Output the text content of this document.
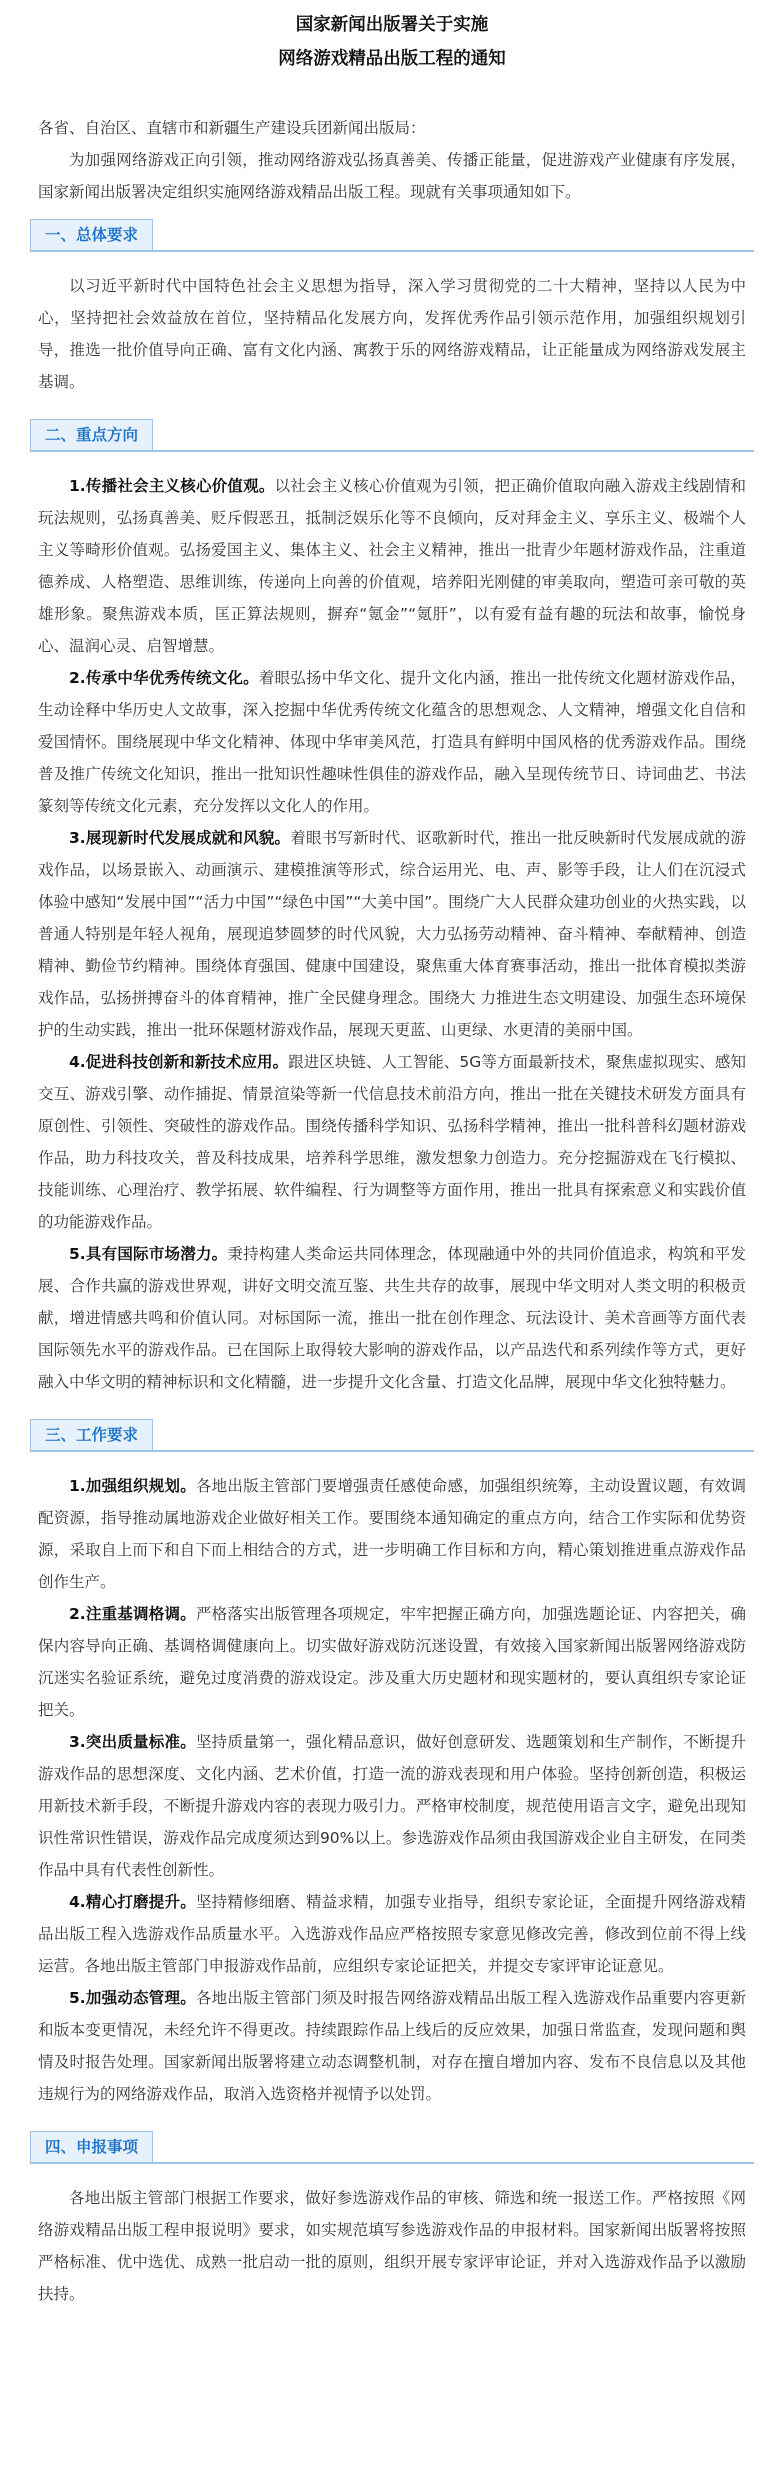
国家新闻出版署关于实施
网络游戏精品出版工程的通知

各省、自治区、直辖市和新疆生产建设兵团新闻出版局：

为加强网络游戏正向引领，推动网络游戏弘扬真善美、传播正能量，促进游戏产业健康有序发展，国家新闻出版署决定组织实施网络游戏精品出版工程。现就有关事项通知如下。

一、总体要求

以习近平新时代中国特色社会主义思想为指导，深入学习贯彻党的二十大精神，坚持以人民为中心，坚持把社会效益放在首位，坚持精品化发展方向，发挥优秀作品引领示范作用，加强组织规划引导，推选一批价值导向正确、富有文化内涵、寓教于乐的网络游戏精品，让正能量成为网络游戏发展主基调。

二、重点方向

1.传播社会主义核心价值观。以社会主义核心价值观为引领，把正确价值取向融入游戏主线剧情和玩法规则，弘扬真善美、贬斥假恶丑，抵制泛娱乐化等不良倾向，反对拜金主义、享乐主义、极端个人主义等畸形价值观。弘扬爱国主义、集体主义、社会主义精神，推出一批青少年题材游戏作品，注重道德养成、人格塑造、思维训练，传递向上向善的价值观，培养阳光刚健的审美取向，塑造可亲可敬的英雄形象。聚焦游戏本质，匡正算法规则，摒弃“氪金”“氪肝”，以有爱有益有趣的玩法和故事，愉悦身心、温润心灵、启智增慧。

2.传承中华优秀传统文化。着眼弘扬中华文化、提升文化内涵，推出一批传统文化题材游戏作品，生动诠释中华历史人文故事，深入挖掘中华优秀传统文化蕴含的思想观念、人文精神，增强文化自信和爱国情怀。围绕展现中华文化精神、体现中华审美风范，打造具有鲜明中国风格的优秀游戏作品。围绕普及推广传统文化知识，推出一批知识性趣味性俱佳的游戏作品，融入呈现传统节日、诗词曲艺、书法篆刻等传统文化元素，充分发挥以文化人的作用。

3.展现新时代发展成就和风貌。着眼书写新时代、讴歌新时代，推出一批反映新时代发展成就的游戏作品，以场景嵌入、动画演示、建模推演等形式，综合运用光、电、声、影等手段，让人们在沉浸式体验中感知“发展中国”“活力中国”“绿色中国”“大美中国”。围绕广大人民群众建功创业的火热实践，以普通人特别是年轻人视角，展现追梦圆梦的时代风貌，大力弘扬劳动精神、奋斗精神、奉献精神、创造精神、勤俭节约精神。围绕体育强国、健康中国建设，聚焦重大体育赛事活动，推出一批体育模拟类游戏作品，弘扬拼搏奋斗的体育精神，推广全民健身理念。围绕大 力推进生态文明建设、加强生态环境保护的生动实践，推出一批环保题材游戏作品，展现天更蓝、山更绿、水更清的美丽中国。

4.促进科技创新和新技术应用。跟进区块链、人工智能、5G等方面最新技术，聚焦虚拟现实、感知交互、游戏引擎、动作捕捉、情景渲染等新一代信息技术前沿方向，推出一批在关键技术研发方面具有原创性、引领性、突破性的游戏作品。围绕传播科学知识、弘扬科学精神，推出一批科普科幻题材游戏作品，助力科技攻关，普及科技成果，培养科学思维，激发想象力创造力。充分挖掘游戏在飞行模拟、技能训练、心理治疗、教学拓展、软件编程、行为调整等方面作用，推出一批具有探索意义和实践价值的功能游戏作品。

5.具有国际市场潜力。秉持构建人类命运共同体理念，体现融通中外的共同价值追求，构筑和平发展、合作共赢的游戏世界观，讲好文明交流互鉴、共生共存的故事，展现中华文明对人类文明的积极贡献，增进情感共鸣和价值认同。对标国际一流，推出一批在创作理念、玩法设计、美术音画等方面代表国际领先水平的游戏作品。已在国际上取得较大影响的游戏作品，以产品迭代和系列续作等方式，更好融入中华文明的精神标识和文化精髓，进一步提升文化含量、打造文化品牌，展现中华文化独特魅力。

三、工作要求

1.加强组织规划。各地出版主管部门要增强责任感使命感，加强组织统筹，主动设置议题，有效调配资源，指导推动属地游戏企业做好相关工作。要围绕本通知确定的重点方向，结合工作实际和优势资源，采取自上而下和自下而上相结合的方式，进一步明确工作目标和方向，精心策划推进重点游戏作品创作生产。

2.注重基调格调。严格落实出版管理各项规定，牢牢把握正确方向，加强选题论证、内容把关，确保内容导向正确、基调格调健康向上。切实做好游戏防沉迷设置，有效接入国家新闻出版署网络游戏防沉迷实名验证系统，避免过度消费的游戏设定。涉及重大历史题材和现实题材的，要认真组织专家论证把关。

3.突出质量标准。坚持质量第一，强化精品意识，做好创意研发、选题策划和生产制作，不断提升游戏作品的思想深度、文化内涵、艺术价值，打造一流的游戏表现和用户体验。坚持创新创造，积极运用新技术新手段，不断提升游戏内容的表现力吸引力。严格审校制度，规范使用语言文字，避免出现知识性常识性错误，游戏作品完成度须达到90%以上。参选游戏作品须由我国游戏企业自主研发，在同类作品中具有代表性创新性。

4.精心打磨提升。坚持精修细磨、精益求精，加强专业指导，组织专家论证，全面提升网络游戏精品出版工程入选游戏作品质量水平。入选游戏作品应严格按照专家意见修改完善，修改到位前不得上线运营。各地出版主管部门申报游戏作品前，应组织专家论证把关，并提交专家评审论证意见。

5.加强动态管理。各地出版主管部门须及时报告网络游戏精品出版工程入选游戏作品重要内容更新和版本变更情况，未经允许不得更改。持续跟踪作品上线后的反应效果，加强日常监查，发现问题和舆情及时报告处理。国家新闻出版署将建立动态调整机制，对存在擅自增加内容、发布不良信息以及其他违规行为的网络游戏作品，取消入选资格并视情予以处罚。

四、申报事项

各地出版主管部门根据工作要求，做好参选游戏作品的审核、筛选和统一报送工作。严格按照《网络游戏精品出版工程申报说明》要求，如实规范填写参选游戏作品的申报材料。国家新闻出版署将按照严格标准、优中选优、成熟一批启动一批的原则，组织开展专家评审论证，并对入选游戏作品予以激励扶持。
